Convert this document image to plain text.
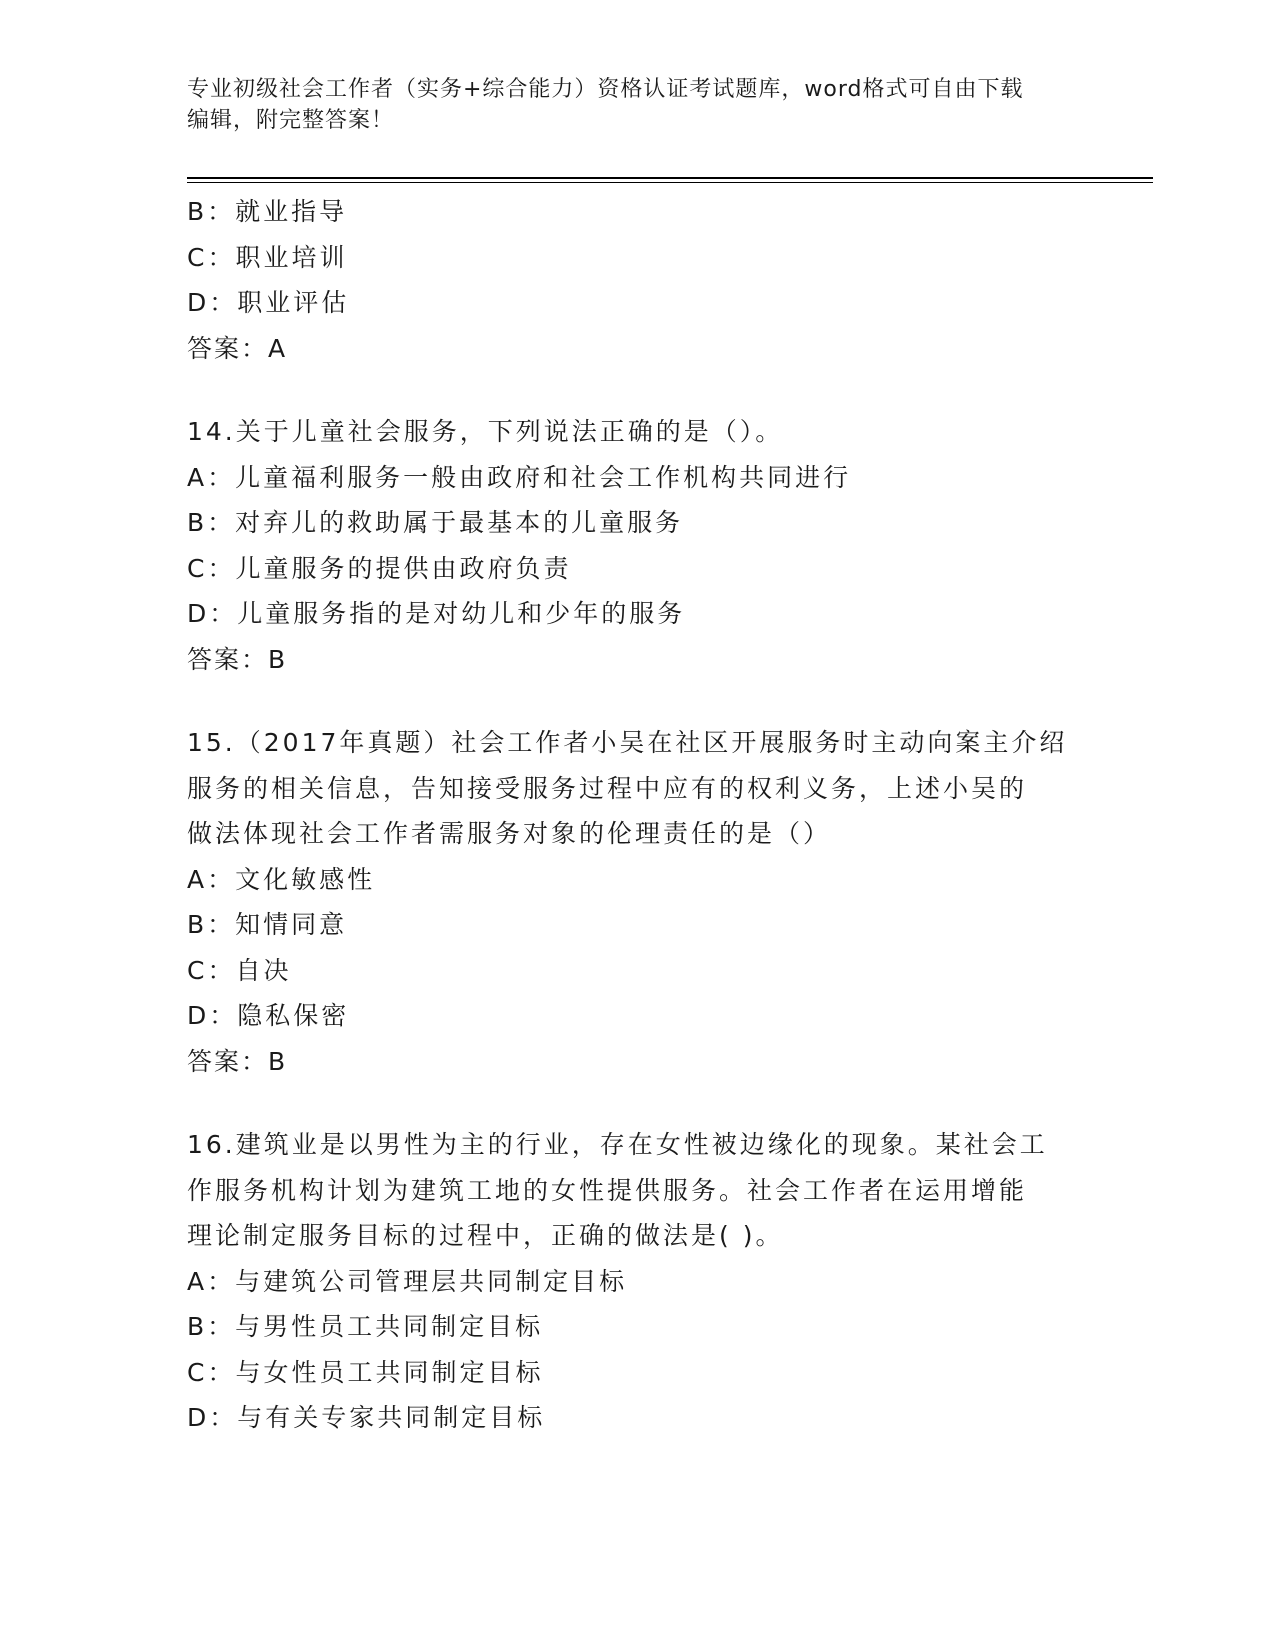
专业初级社会工作者（实务+综合能力）资格认证考试题库，word格式可自由下载
编辑，附完整答案！
B：就业指导
C：职业培训
D：职业评估
答案：A
14.关于儿童社会服务，下列说法正确的是（）。
A：儿童福利服务一般由政府和社会工作机构共同进行
B：对弃儿的救助属于最基本的儿童服务
C：儿童服务的提供由政府负责
D：儿童服务指的是对幼儿和少年的服务
答案：B
15.（2017年真题）社会工作者小吴在社区开展服务时主动向案主介绍
服务的相关信息，告知接受服务过程中应有的权利义务，上述小吴的
做法体现社会工作者需服务对象的伦理责任的是（）
A：文化敏感性
B：知情同意
C：自决
D：隐私保密
答案：B
16.建筑业是以男性为主的行业，存在女性被边缘化的现象。某社会工
作服务机构计划为建筑工地的女性提供服务。社会工作者在运用增能
理论制定服务目标的过程中，正确的做法是( )。
A：与建筑公司管理层共同制定目标
B：与男性员工共同制定目标
C：与女性员工共同制定目标
D：与有关专家共同制定目标
